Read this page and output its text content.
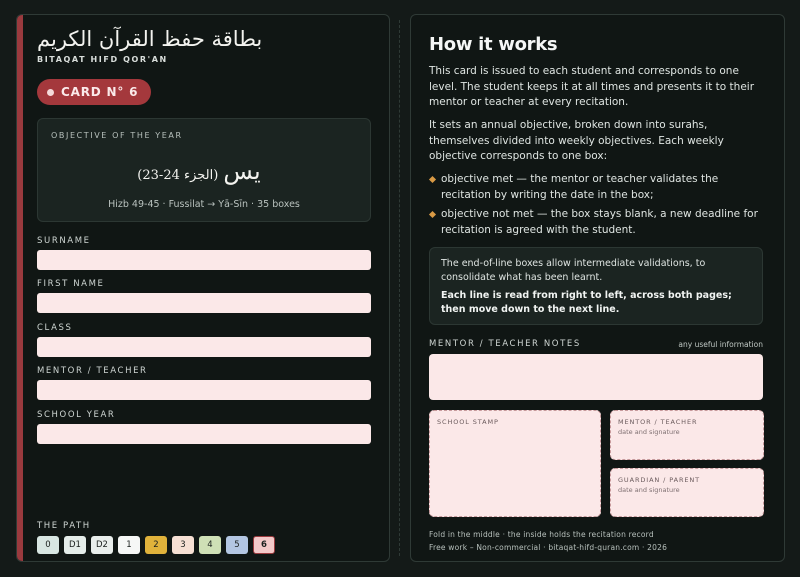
بطاقة حفظ القرآن الكريم
BITAQAT HIFD QOR'AN
CARD N° 6
OBJECTIVE OF THE YEAR
(الجزء 24-23) يس
Hizb 49-45 · Fussilat → Yā-Sīn · 35 boxes
SURNAME
FIRST NAME
CLASS
MENTOR / TEACHER
SCHOOL YEAR
THE PATH
0	D1	D2	1	2	3	4	5	6
How it works
This card is issued to each student and corresponds to one level. The student keeps it at all times and presents it to their mentor or teacher at every recitation.
It sets an annual objective, broken down into surahs, themselves divided into weekly objectives. Each weekly objective corresponds to one box:
objective met — the mentor or teacher validates the recitation by writing the date in the box;
objective not met — the box stays blank, a new deadline for recitation is agreed with the student.
The end-of-line boxes allow intermediate validations, to consolidate what has been learnt.
Each line is read from right to left, across both pages; then move down to the next line.
MENTOR / TEACHER NOTES	any useful information
SCHOOL STAMP	MENTOR / TEACHER
date and signature
GUARDIAN / PARENT
date and signature
Fold in the middle · the inside holds the recitation record
Free work – Non-commercial · bitaqat-hifd-quran.com · 2026
